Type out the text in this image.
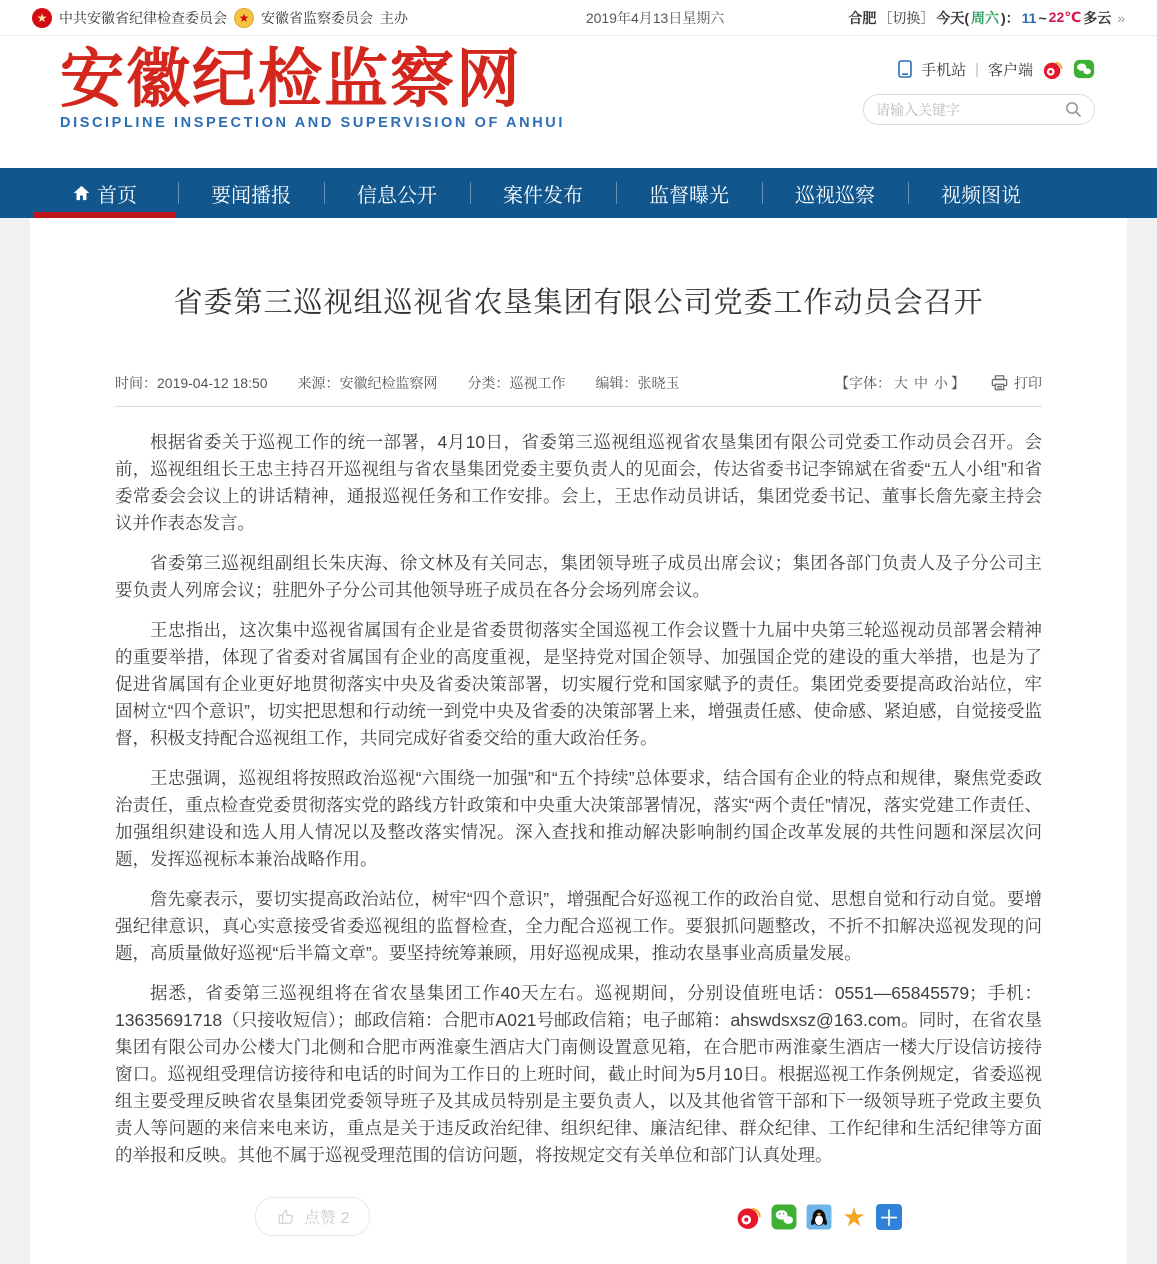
★ 中共安徽省纪律检查委员会 ★ 安徽省监察委员会 主办	2019年4月13日星期六	合肥 ［切换］ 今天( 周六 )： 11 ~ 22℃ 多云 »
安徽纪检监察网
DISCIPLINE INSPECTION AND SUPERVISION OF ANHUI
手机站 | 客户端
请输入关键字
首页	要闻播报	信息公开	案件发布	监督曝光	巡视巡察	视频图说
省委第三巡视组巡视省农垦集团有限公司党委工作动员会召开
时间：2019-04-12 18:50 来源：安徽纪检监察网 分类：巡视工作 编辑：张晓玉	【字体： 大 中 小 】	打印

根据省委关于巡视工作的统一部署，4月10日，省委第三巡视组巡视省农垦集团有限公司党委工作动员会召开。会前，巡视组组长王忠主持召开巡视组与省农垦集团党委主要负责人的见面会，传达省委书记李锦斌在省委“五人小组”和省委常委会会议上的讲话精神，通报巡视任务和工作安排。会上，王忠作动员讲话，集团党委书记、董事长詹先豪主持会议并作表态发言。

省委第三巡视组副组长朱庆海、徐文林及有关同志，集团领导班子成员出席会议；集团各部门负责人及子分公司主要负责人列席会议；驻肥外子分公司其他领导班子成员在各分会场列席会议。

王忠指出，这次集中巡视省属国有企业是省委贯彻落实全国巡视工作会议暨十九届中央第三轮巡视动员部署会精神的重要举措，体现了省委对省属国有企业的高度重视，是坚持党对国企领导、加强国企党的建设的重大举措，也是为了促进省属国有企业更好地贯彻落实中央及省委决策部署，切实履行党和国家赋予的责任。集团党委要提高政治站位，牢固树立“四个意识”，切实把思想和行动统一到党中央及省委的决策部署上来，增强责任感、使命感、紧迫感，自觉接受监督，积极支持配合巡视组工作，共同完成好省委交给的重大政治任务。

王忠强调，巡视组将按照政治巡视“六围绕一加强”和“五个持续”总体要求，结合国有企业的特点和规律，聚焦党委政治责任，重点检查党委贯彻落实党的路线方针政策和中央重大决策部署情况，落实“两个责任”情况，落实党建工作责任、加强组织建设和选人用人情况以及整改落实情况。深入查找和推动解决影响制约国企改革发展的共性问题和深层次问题，发挥巡视标本兼治战略作用。

詹先豪表示，要切实提高政治站位，树牢“四个意识”，增强配合好巡视工作的政治自觉、思想自觉和行动自觉。要增强纪律意识，真心实意接受省委巡视组的监督检查，全力配合巡视工作。要狠抓问题整改，不折不扣解决巡视发现的问题，高质量做好巡视“后半篇文章”。要坚持统筹兼顾，用好巡视成果，推动农垦事业高质量发展。

据悉，省委第三巡视组将在省农垦集团工作40天左右。巡视期间，分别设值班电话：0551—65845579；手机：13635691718（只接收短信）；邮政信箱：合肥市A021号邮政信箱；电子邮箱：ahswdsxsz@163.com。同时，在省农垦集团有限公司办公楼大门北侧和合肥市两淮豪生酒店大门南侧设置意见箱，在合肥市两淮豪生酒店一楼大厅设信访接待窗口。巡视组受理信访接待和电话的时间为工作日的上班时间，截止时间为5月10日。根据巡视工作条例规定，省委巡视组主要受理反映省农垦集团党委领导班子及其成员特别是主要负责人，以及其他省管干部和下一级领导班子党政主要负责人等问题的来信来电来访，重点是关于违反政治纪律、组织纪律、廉洁纪律、群众纪律、工作纪律和生活纪律等方面的举报和反映。其他不属于巡视受理范围的信访问题，将按规定交有关单位和部门认真处理。

点赞 2	★ ＋
